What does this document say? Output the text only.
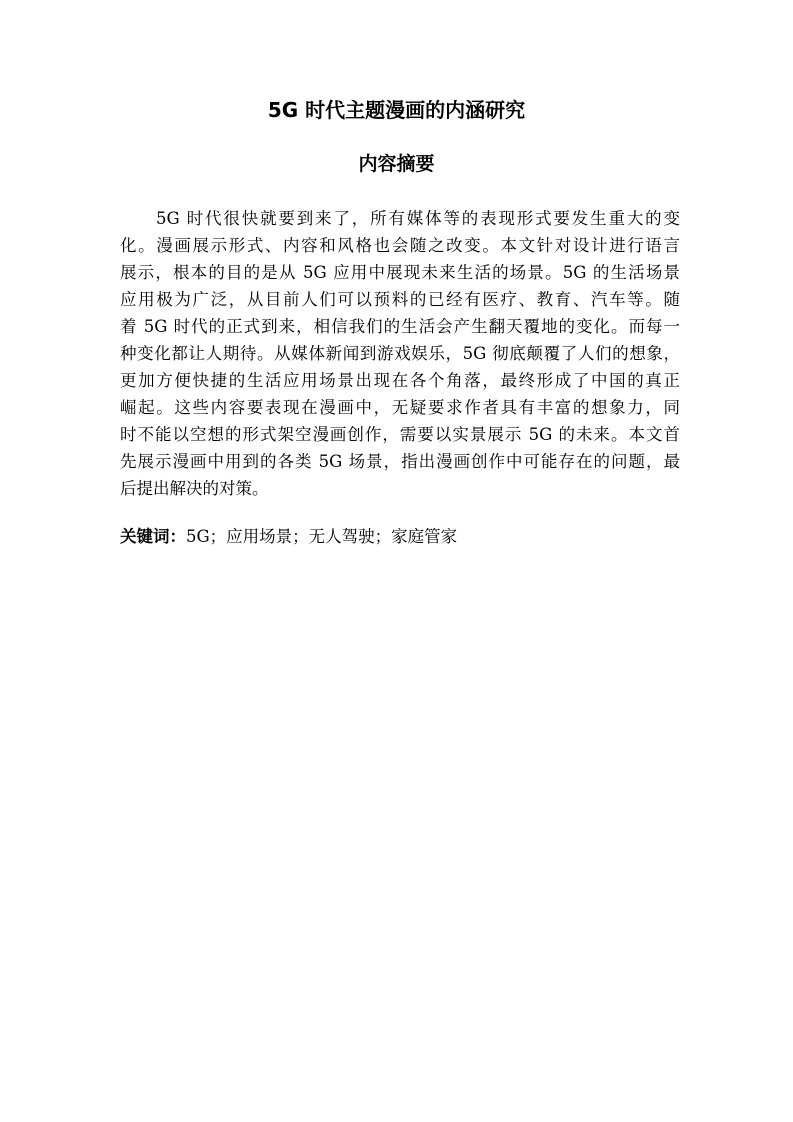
5G 时代主题漫画的内涵研究
内容摘要

5G 时代很快就要到来了，所有媒体等的表现形式要发生重大的变
化。漫画展示形式、内容和风格也会随之改变。本文针对设计进行语言
展示，根本的目的是从 5G 应用中展现未来生活的场景。5G 的生活场景
应用极为广泛，从目前人们可以预料的已经有医疗、教育、汽车等。随
着 5G 时代的正式到来，相信我们的生活会产生翻天覆地的变化。而每一
种变化都让人期待。从媒体新闻到游戏娱乐，5G 彻底颠覆了人们的想象，
更加方便快捷的生活应用场景出现在各个角落，最终形成了中国的真正
崛起。这些内容要表现在漫画中，无疑要求作者具有丰富的想象力，同
时不能以空想的形式架空漫画创作，需要以实景展示 5G 的未来。本文首
先展示漫画中用到的各类 5G 场景，指出漫画创作中可能存在的问题，最
后提出解决的对策。

关键词：5G；应用场景；无人驾驶；家庭管家
